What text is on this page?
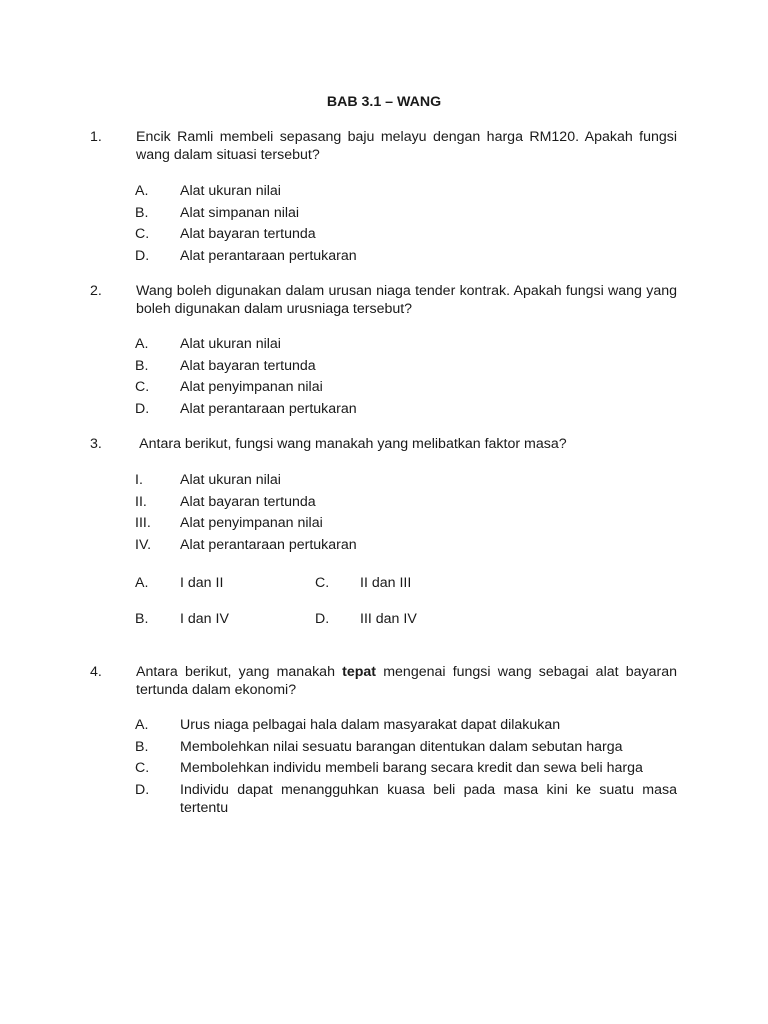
BAB 3.1 – WANG
1. Encik Ramli membeli sepasang baju melayu dengan harga RM120. Apakah fungsi wang dalam situasi tersebut?
A. Alat ukuran nilai
B. Alat simpanan nilai
C. Alat bayaran tertunda
D. Alat perantaraan pertukaran
2. Wang boleh digunakan dalam urusan niaga tender kontrak. Apakah fungsi wang yang boleh digunakan dalam urusniaga tersebut?
A. Alat ukuran nilai
B. Alat bayaran tertunda
C. Alat penyimpanan nilai
D. Alat perantaraan pertukaran
3. Antara berikut, fungsi wang manakah yang melibatkan faktor masa?
I.	Alat ukuran nilai
II. Alat bayaran tertunda
III. Alat penyimpanan nilai
IV. Alat perantaraan pertukaran
A. I dan II	C. II dan III
B. I dan IV	D. III dan IV
4. Antara berikut, yang manakah tepat mengenai fungsi wang sebagai alat bayaran tertunda dalam ekonomi?
A. Urus niaga pelbagai hala dalam masyarakat dapat dilakukan
B. Membolehkan nilai sesuatu barangan ditentukan dalam sebutan harga
C. Membolehkan individu membeli barang secara kredit dan sewa beli harga
D. Individu dapat menangguhkan kuasa beli pada masa kini ke suatu masa tertentu
